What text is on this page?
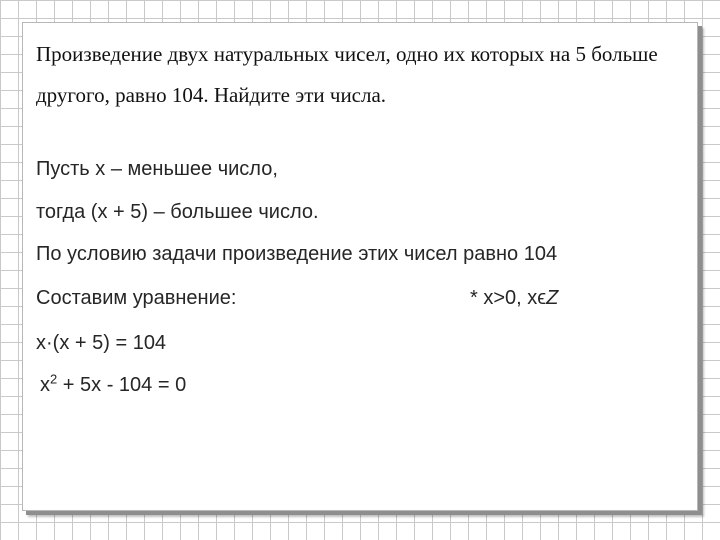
Произведение двух натуральных чисел, одно их которых на 5 больше другого, равно 104. Найдите эти числа.

Пусть х – меньшее число,

тогда (х + 5) – большее число.

По условию задачи произведение этих чисел равно 104

Составим уравнение:	* x>0, xϵZ

x·(x + 5) = 104

$x^2 + 5x - 104 = 0$
